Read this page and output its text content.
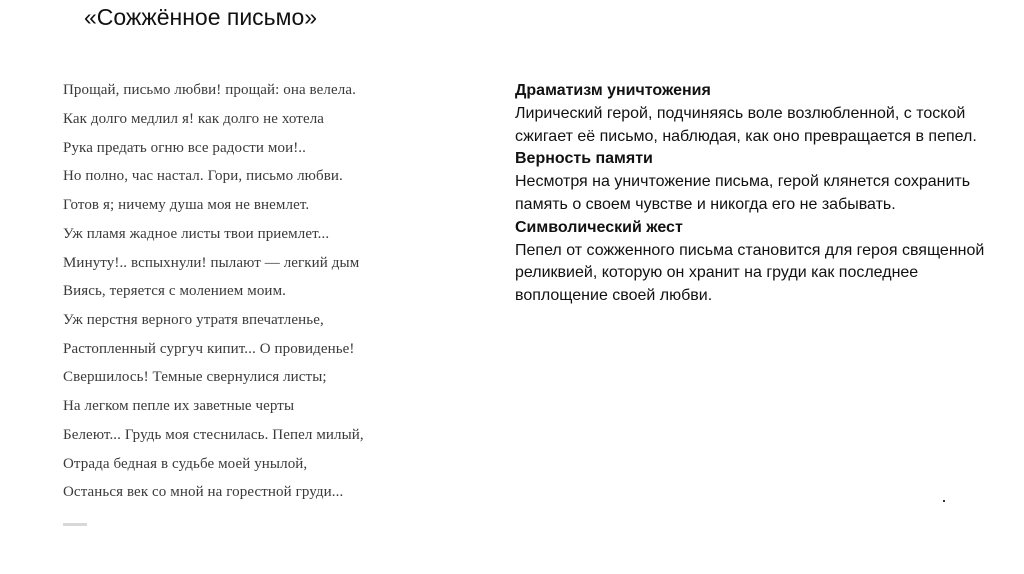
«Сожжённое письмо»
Прощай, письмо любви! прощай: она велела.
Как долго медлил я! как долго не хотела
Рука предать огню все радости мои!..
Но полно, час настал. Гори, письмо любви.
Готов я; ничему душа моя не внемлет.
Уж пламя жадное листы твои приемлет...
Минуту!.. вспыхнули! пылают — легкий дым
Виясь, теряется с молением моим.
Уж перстня верного утратя впечатленье,
Растопленный сургуч кипит... О провиденье!
Свершилось! Темные свернулися листы;
На легком пепле их заветные черты
Белеют... Грудь моя стеснилась. Пепел милый,
Отрада бедная в судьбе моей унылой,
Останься век со мной на горестной груди...
Драматизм уничтожения
Лирический герой, подчиняясь воле возлюбленной, с тоской сжигает её письмо, наблюдая, как оно превращается в пепел.
Верность памяти
Несмотря на уничтожение письма, герой клянется сохранить память о своем чувстве и никогда его не забывать.
Символический жест
Пепел от сожженного письма становится для героя священной реликвией, которую он хранит на груди как последнее воплощение своей любви.
